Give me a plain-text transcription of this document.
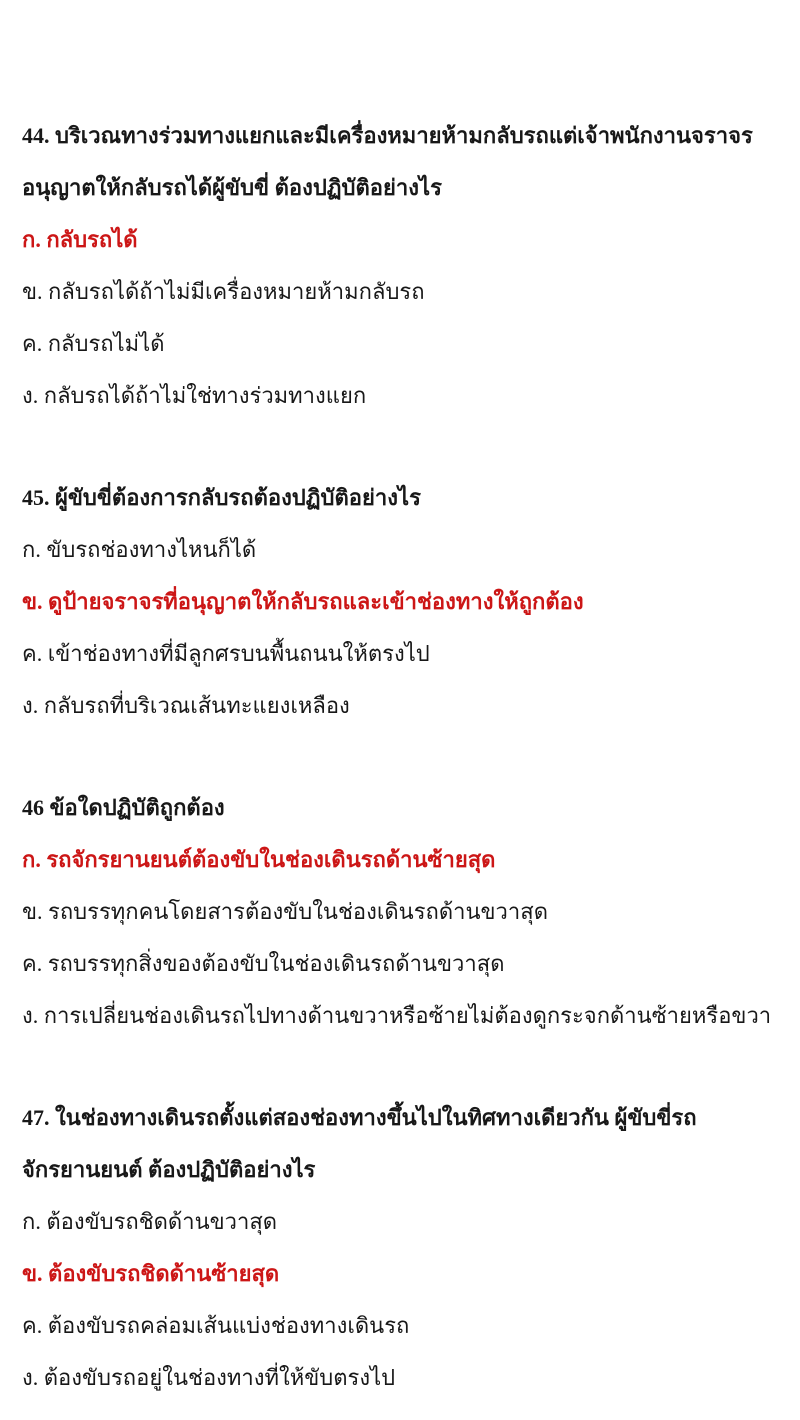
44. บริเวณทางร่วมทางแยกและมีเครื่องหมายห้ามกลับรถแต่เจ้าพนักงานจราจรอนุญาตให้กลับรถได้ผู้ขับขี่ ต้องปฏิบัติอย่างไร

ก. กลับรถได้

ข. กลับรถได้ถ้าไม่มีเครื่องหมายห้ามกลับรถ

ค. กลับรถไม่ได้

ง. กลับรถได้ถ้าไม่ใช่ทางร่วมทางแยก

45. ผู้ขับขี่ต้องการกลับรถต้องปฏิบัติอย่างไร

ก. ขับรถช่องทางไหนก็ได้

ข. ดูป้ายจราจรที่อนุญาตให้กลับรถและเข้าช่องทางให้ถูกต้อง

ค. เข้าช่องทางที่มีลูกศรบนพื้นถนนให้ตรงไป

ง. กลับรถที่บริเวณเส้นทะแยงเหลือง

46 ข้อใดปฏิบัติถูกต้อง

ก. รถจักรยานยนต์ต้องขับในช่องเดินรถด้านซ้ายสุด

ข. รถบรรทุกคนโดยสารต้องขับในช่องเดินรถด้านขวาสุด

ค. รถบรรทุกสิ่งของต้องขับในช่องเดินรถด้านขวาสุด

ง. การเปลี่ยนช่องเดินรถไปทางด้านขวาหรือซ้ายไม่ต้องดูกระจกด้านซ้ายหรือขวา

47. ในช่องทางเดินรถตั้งแต่สองช่องทางขึ้นไปในทิศทางเดียวกัน ผู้ขับขี่รถจักรยานยนต์ ต้องปฏิบัติอย่างไร

ก. ต้องขับรถชิดด้านขวาสุด

ข. ต้องขับรถชิดด้านซ้ายสุด

ค. ต้องขับรถคล่อมเส้นแบ่งช่องทางเดินรถ

ง. ต้องขับรถอยู่ในช่องทางที่ให้ขับตรงไป
